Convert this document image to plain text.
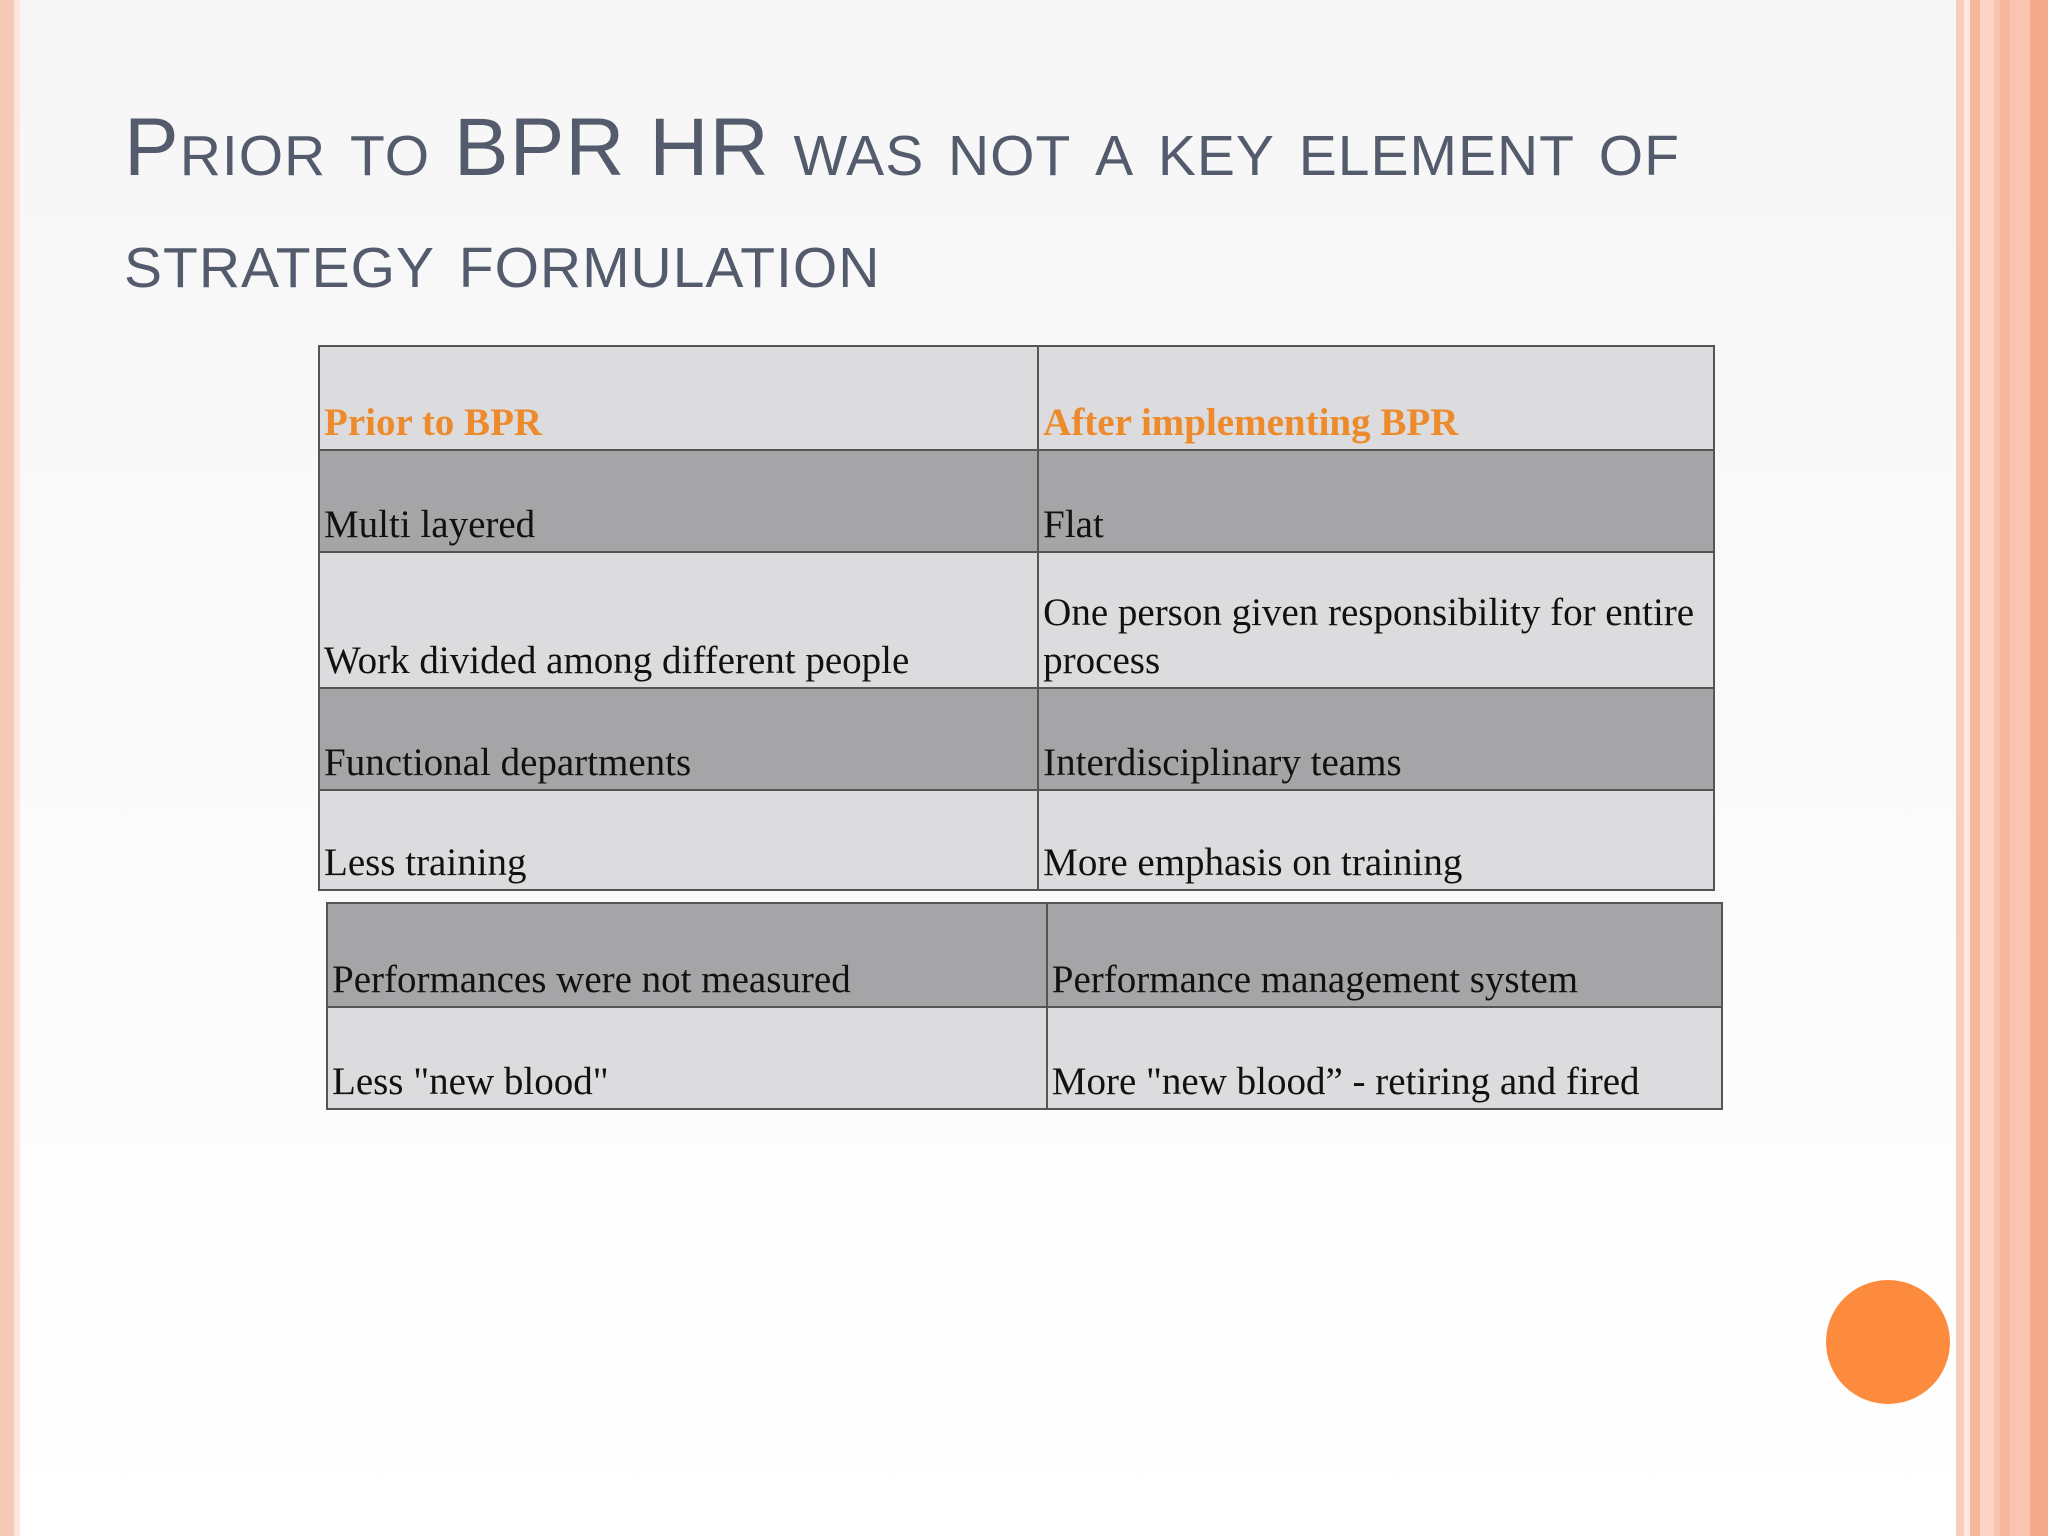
Prior to BPR HR was not a key element of strategy formulation
Prior to BPR	After implementing BPR
Multi layered	Flat
Work divided among different people	One person given responsibility for entire process
Functional departments	Interdisciplinary teams
Less training	More emphasis on training
Performances were not measured	Performance management system
Less "new blood"	More "new blood” - retiring and fired
